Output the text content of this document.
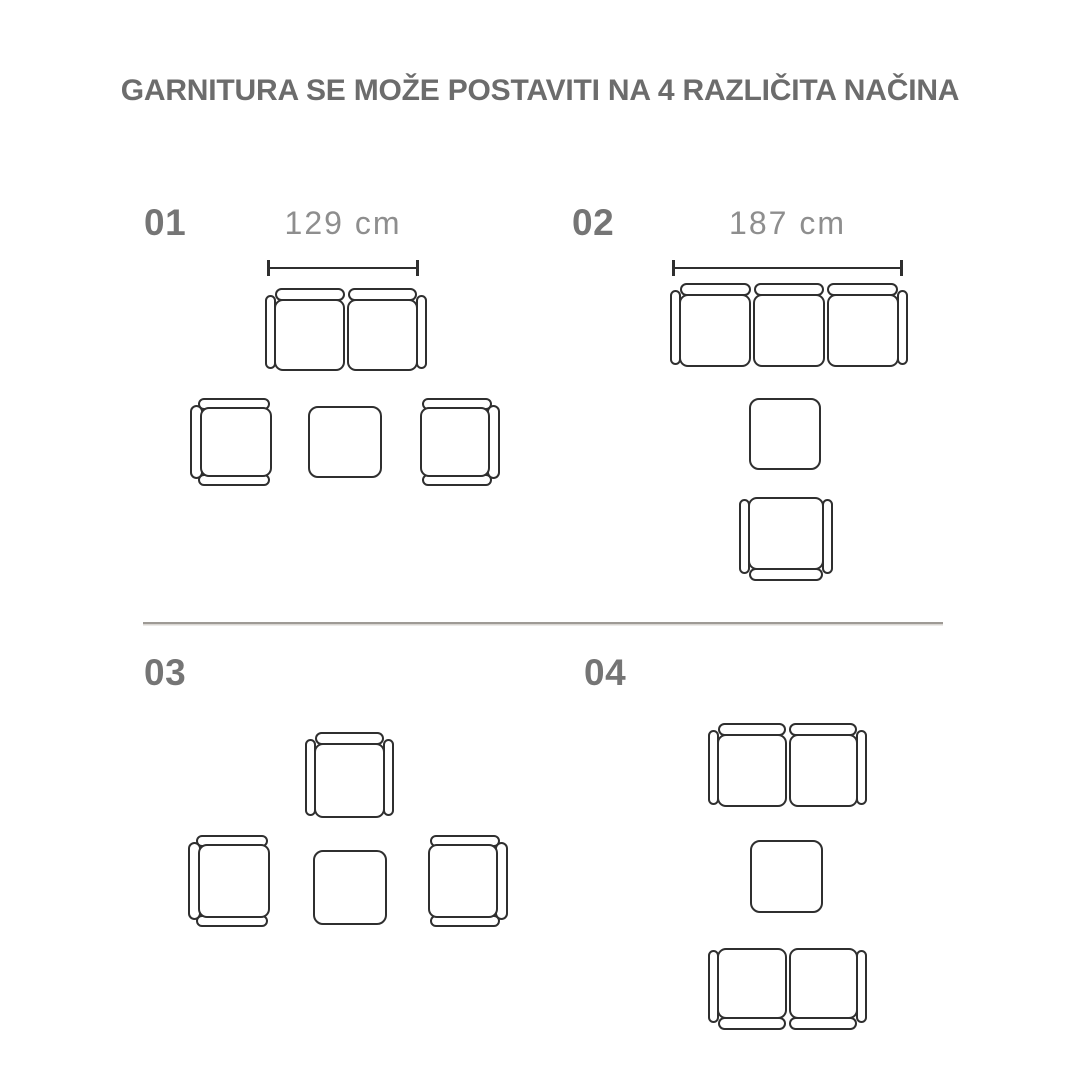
GARNITURA SE MOŽE POSTAVITI NA 4 RAZLIČITA NAČINA
01	129 cm	02	187 cm
03	04
